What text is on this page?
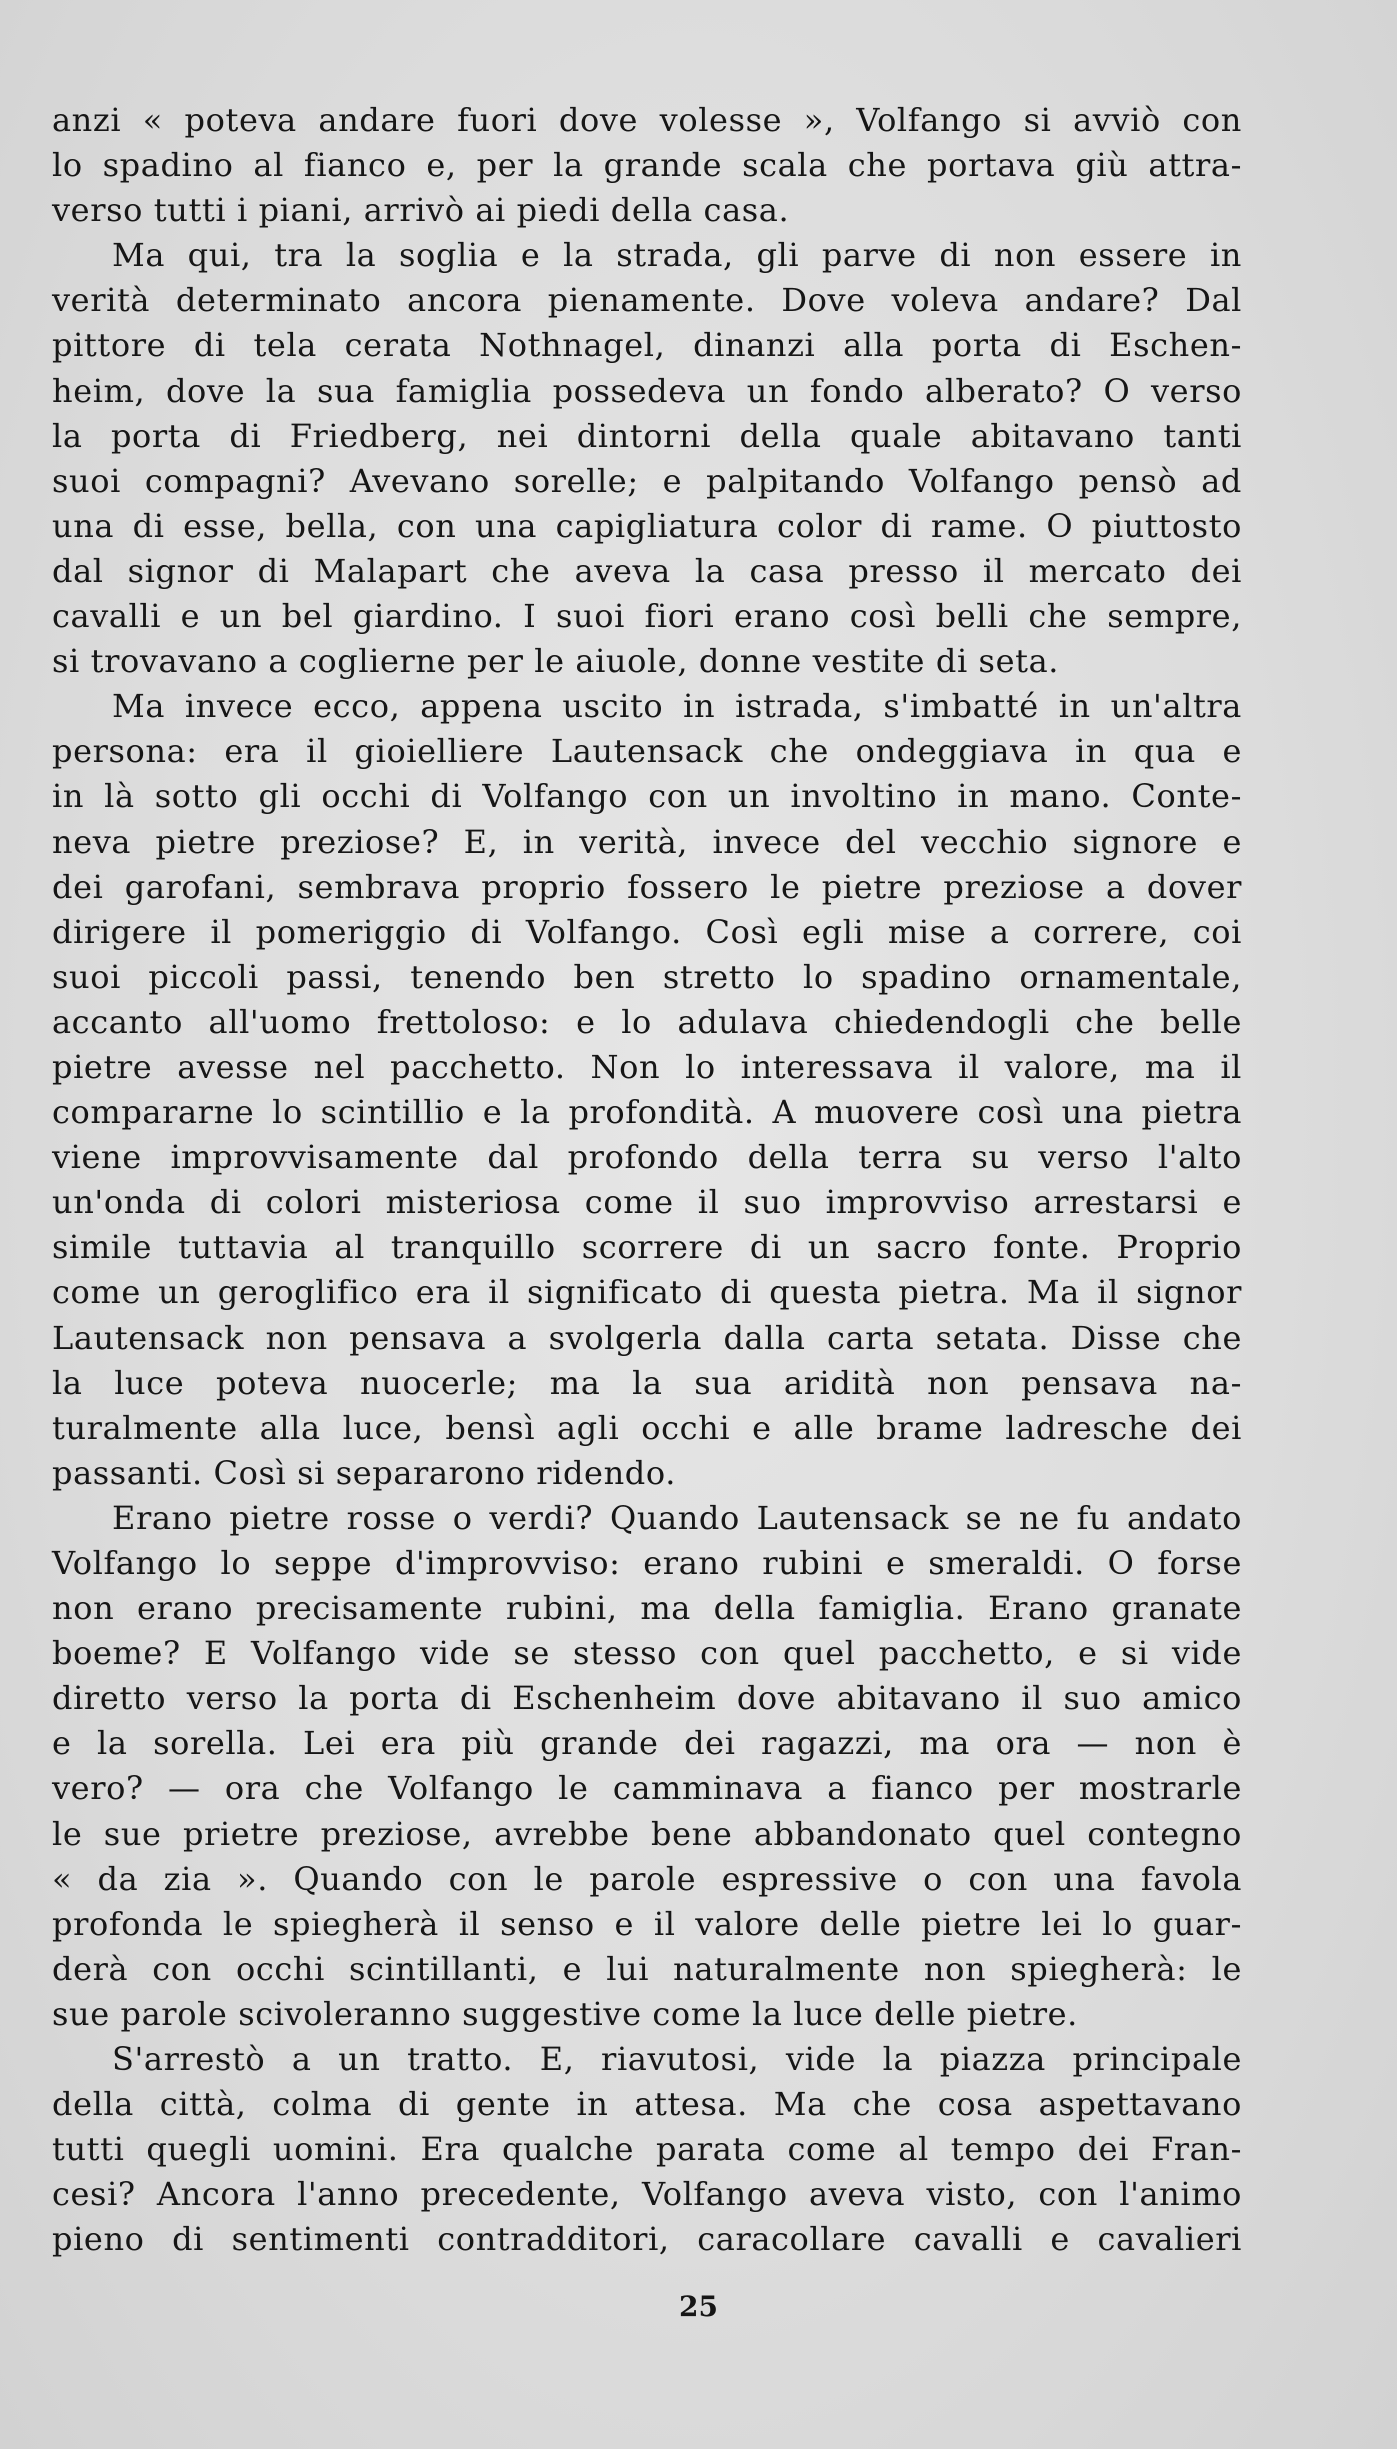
anzi « poteva andare fuori dove volesse », Volfango si avviò con
lo spadino al fianco e, per la grande scala che portava giù attra-
verso tutti i piani, arrivò ai piedi della casa.
Ma qui, tra la soglia e la strada, gli parve di non essere in
verità determinato ancora pienamente. Dove voleva andare? Dal
pittore di tela cerata Nothnagel, dinanzi alla porta di Eschen-
heim, dove la sua famiglia possedeva un fondo alberato? O verso
la porta di Friedberg, nei dintorni della quale abitavano tanti
suoi compagni? Avevano sorelle; e palpitando Volfango pensò ad
una di esse, bella, con una capigliatura color di rame. O piuttosto
dal signor di Malapart che aveva la casa presso il mercato dei
cavalli e un bel giardino. I suoi fiori erano così belli che sempre,
si trovavano a coglierne per le aiuole, donne vestite di seta.
Ma invece ecco, appena uscito in istrada, s'imbatté in un'altra
persona: era il gioielliere Lautensack che ondeggiava in qua e
in là sotto gli occhi di Volfango con un involtino in mano. Conte-
neva pietre preziose? E, in verità, invece del vecchio signore e
dei garofani, sembrava proprio fossero le pietre preziose a dover
dirigere il pomeriggio di Volfango. Così egli mise a correre, coi
suoi piccoli passi, tenendo ben stretto lo spadino ornamentale,
accanto all'uomo frettoloso: e lo adulava chiedendogli che belle
pietre avesse nel pacchetto. Non lo interessava il valore, ma il
compararne lo scintillio e la profondità. A muovere così una pietra
viene improvvisamente dal profondo della terra su verso l'alto
un'onda di colori misteriosa come il suo improvviso arrestarsi e
simile tuttavia al tranquillo scorrere di un sacro fonte. Proprio
come un geroglifico era il significato di questa pietra. Ma il signor
Lautensack non pensava a svolgerla dalla carta setata. Disse che
la luce poteva nuocerle; ma la sua aridità non pensava na-
turalmente alla luce, bensì agli occhi e alle brame ladresche dei
passanti. Così si separarono ridendo.
Erano pietre rosse o verdi? Quando Lautensack se ne fu andato
Volfango lo seppe d'improvviso: erano rubini e smeraldi. O forse
non erano precisamente rubini, ma della famiglia. Erano granate
boeme? E Volfango vide se stesso con quel pacchetto, e si vide
diretto verso la porta di Eschenheim dove abitavano il suo amico
e la sorella. Lei era più grande dei ragazzi, ma ora — non è
vero? — ora che Volfango le camminava a fianco per mostrarle
le sue prietre preziose, avrebbe bene abbandonato quel contegno
« da zia ». Quando con le parole espressive o con una favola
profonda le spiegherà il senso e il valore delle pietre lei lo guar-
derà con occhi scintillanti, e lui naturalmente non spiegherà: le
sue parole scivoleranno suggestive come la luce delle pietre.
S'arrestò a un tratto. E, riavutosi, vide la piazza principale
della città, colma di gente in attesa. Ma che cosa aspettavano
tutti quegli uomini. Era qualche parata come al tempo dei Fran-
cesi? Ancora l'anno precedente, Volfango aveva visto, con l'animo
pieno di sentimenti contradditori, caracollare cavalli e cavalieri
25
